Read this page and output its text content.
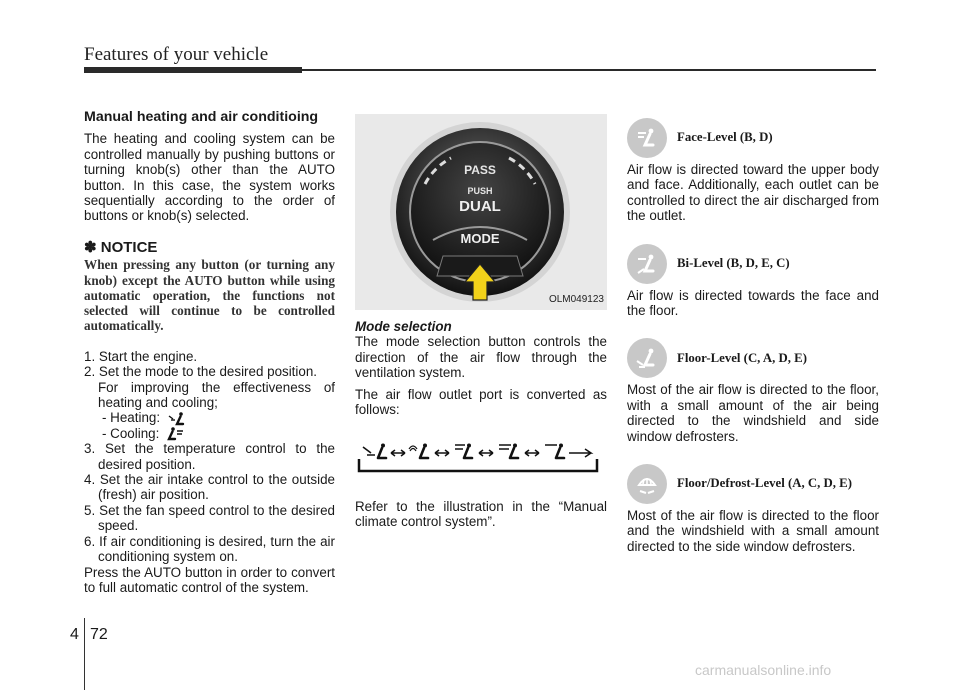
Features of your vehicle
Manual heating and air conditioing

The heating and cooling system can be controlled manually by pushing buttons or turning knob(s) other than the AUTO button. In this case, the system works sequentially according to the order of buttons or knob(s) selected.

✽ NOTICE

When pressing any button (or turning any knob) except the AUTO button while using automatic operation, the functions not selected will continue to be controlled automatically.

1. Start the engine.

2. Set the mode to the desired position.

For improving the effectiveness of heating and cooling;

- Heating:

- Cooling:

3. Set the temperature control to the desired position.

4. Set the air intake control to the outside (fresh) air position.

5. Set the fan speed control to the desired speed.

6. If air conditioning is desired, turn the air conditioning system on.

Press the AUTO button in order to convert to full automatic control of the system.

PASS
PUSH
DUAL
MODE
OLM049123
Mode selection

The mode selection button controls the direction of the air flow through the ventilation system.

The air flow outlet port is converted as follows:

Refer to the illustration in the “Manual climate control system”.

Face-Level (B, D)

Air flow is directed toward the upper body and face. Additionally, each outlet can be controlled to direct the air discharged from the outlet.

Bi-Level (B, D, E, C)

Air flow is directed towards the face and the floor.

Floor-Level (C, A, D, E)

Most of the air flow is directed to the floor, with a small amount of the air being directed to the windshield and side window defrosters.

Floor/Defrost-Level (A, C, D, E)

Most of the air flow is directed to the floor and the windshield with a small amount directed to the side window defrosters.

4 72
carmanualsonline.info
